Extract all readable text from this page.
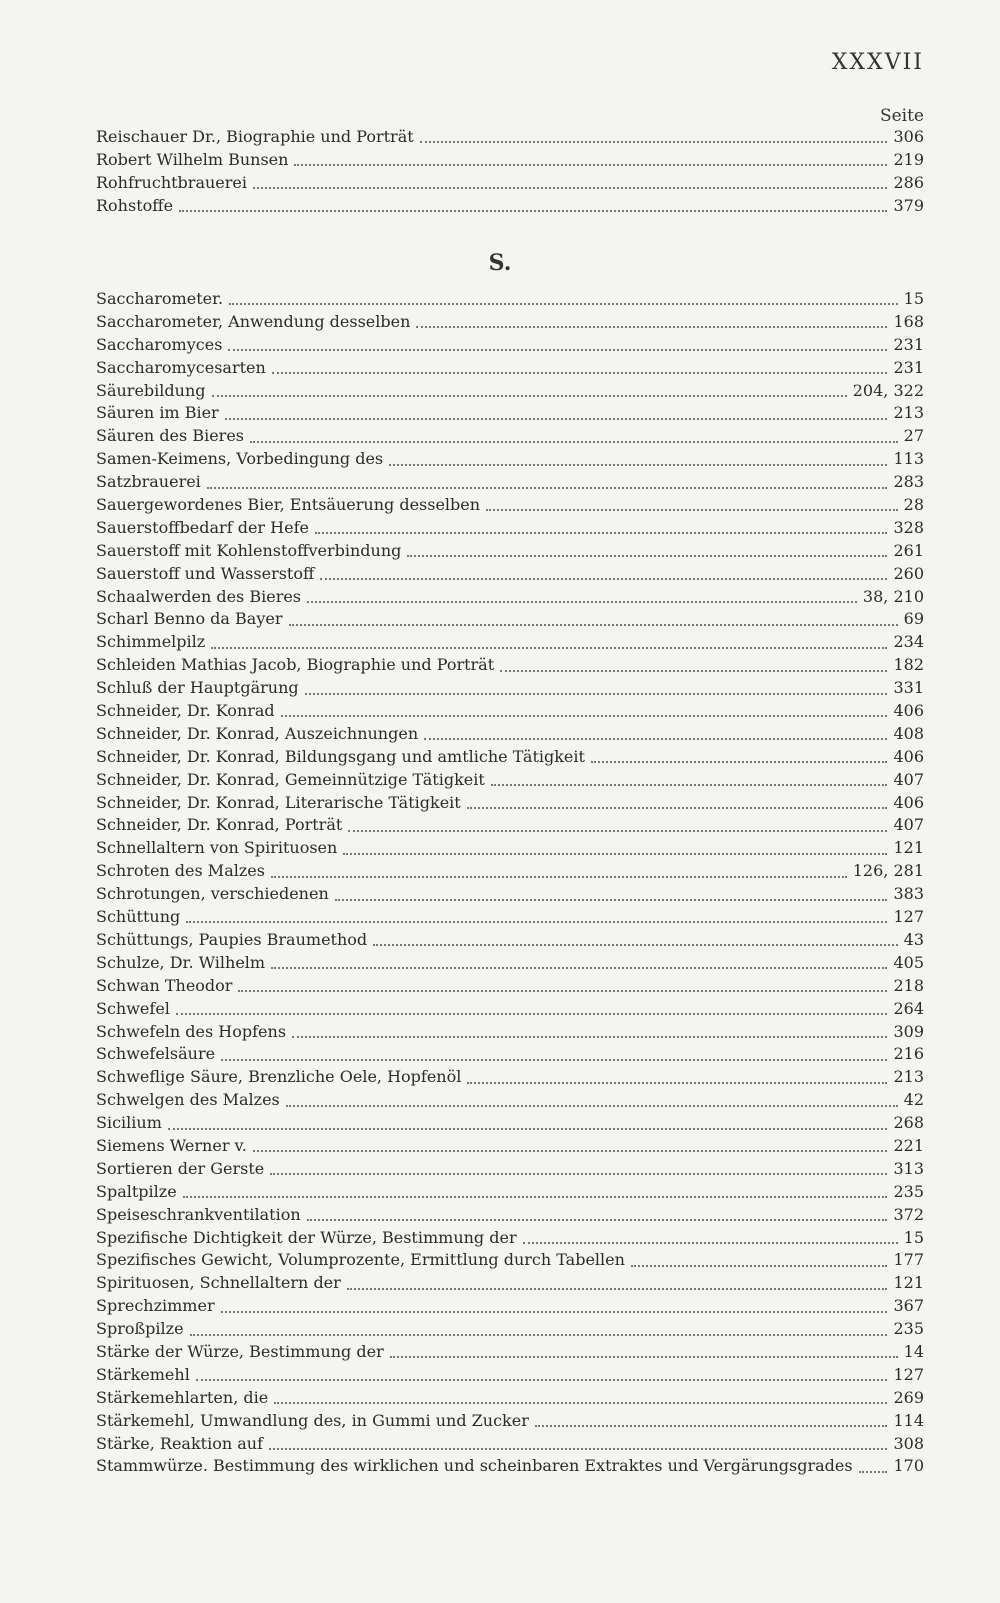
XXXVII
Seite
Reischauer Dr., Biographie und Porträt	306
Robert Wilhelm Bunsen	219
Rohfruchtbrauerei	286
Rohstoffe	379
S.
Saccharometer.	15
Saccharometer, Anwendung desselben	168
Saccharomyces	231
Saccharomycesarten	231
Säurebildung	204, 322
Säuren im Bier	213
Säuren des Bieres	27
Samen-Keimens, Vorbedingung des	113
Satzbrauerei	283
Sauergewordenes Bier, Entsäuerung desselben	28
Sauerstoffbedarf der Hefe	328
Sauerstoff mit Kohlenstoffverbindung	261
Sauerstoff und Wasserstoff	260
Schaalwerden des Bieres	38, 210
Scharl Benno da Bayer	69
Schimmelpilz	234
Schleiden Mathias Jacob, Biographie und Porträt	182
Schluß der Hauptgärung	331
Schneider, Dr. Konrad	406
Schneider, Dr. Konrad, Auszeichnungen	408
Schneider, Dr. Konrad, Bildungsgang und amtliche Tätigkeit	406
Schneider, Dr. Konrad, Gemeinnützige Tätigkeit	407
Schneider, Dr. Konrad, Literarische Tätigkeit	406
Schneider, Dr. Konrad, Porträt	407
Schnellaltern von Spirituosen	121
Schroten des Malzes	126, 281
Schrotungen, verschiedenen	383
Schüttung	127
Schüttungs, Paupies Braumethod	43
Schulze, Dr. Wilhelm	405
Schwan Theodor	218
Schwefel	264
Schwefeln des Hopfens	309
Schwefelsäure	216
Schweflige Säure, Brenzliche Oele, Hopfenöl	213
Schwelgen des Malzes	42
Sicilium	268
Siemens Werner v.	221
Sortieren der Gerste	313
Spaltpilze	235
Speiseschrankventilation	372
Spezifische Dichtigkeit der Würze, Bestimmung der	15
Spezifisches Gewicht, Volumprozente, Ermittlung durch Tabellen	177
Spirituosen, Schnellaltern der	121
Sprechzimmer	367
Sproßpilze	235
Stärke der Würze, Bestimmung der	14
Stärkemehl	127
Stärkemehlarten, die	269
Stärkemehl, Umwandlung des, in Gummi und Zucker	114
Stärke, Reaktion auf	308
Stammwürze. Bestimmung des wirklichen und scheinbaren Extraktes und Vergärungsgrades	170
